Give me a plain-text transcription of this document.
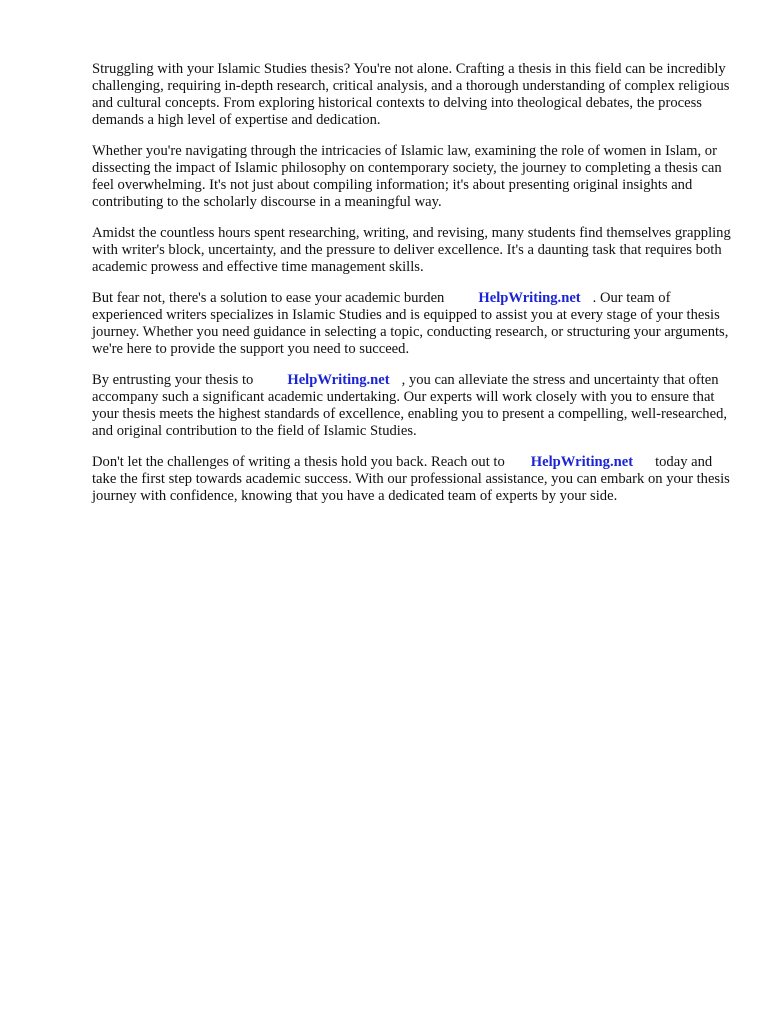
Struggling with your Islamic Studies thesis? You're not alone. Crafting a thesis in this field can be incredibly challenging, requiring in-depth research, critical analysis, and a thorough understanding of complex religious and cultural concepts. From exploring historical contexts to delving into theological debates, the process demands a high level of expertise and dedication.

Whether you're navigating through the intricacies of Islamic law, examining the role of women in Islam, or dissecting the impact of Islamic philosophy on contemporary society, the journey to completing a thesis can feel overwhelming. It's not just about compiling information; it's about presenting original insights and contributing to the scholarly discourse in a meaningful way.

Amidst the countless hours spent researching, writing, and revising, many students find themselves grappling with writer's block, uncertainty, and the pressure to deliver excellence. It's a daunting task that requires both academic prowess and effective time management skills.

But fear not, there's a solution to ease your academic burden HelpWriting.net . Our team of experienced writers specializes in Islamic Studies and is equipped to assist you at every stage of your thesis journey. Whether you need guidance in selecting a topic, conducting research, or structuring your arguments, we're here to provide the support you need to succeed.

By entrusting your thesis to HelpWriting.net , you can alleviate the stress and uncertainty that often accompany such a significant academic undertaking. Our experts will work closely with you to ensure that your thesis meets the highest standards of excellence, enabling you to present a compelling, well-researched, and original contribution to the field of Islamic Studies.

Don't let the challenges of writing a thesis hold you back. Reach out to HelpWriting.net today and take the first step towards academic success. With our professional assistance, you can embark on your thesis journey with confidence, knowing that you have a dedicated team of experts by your side.
